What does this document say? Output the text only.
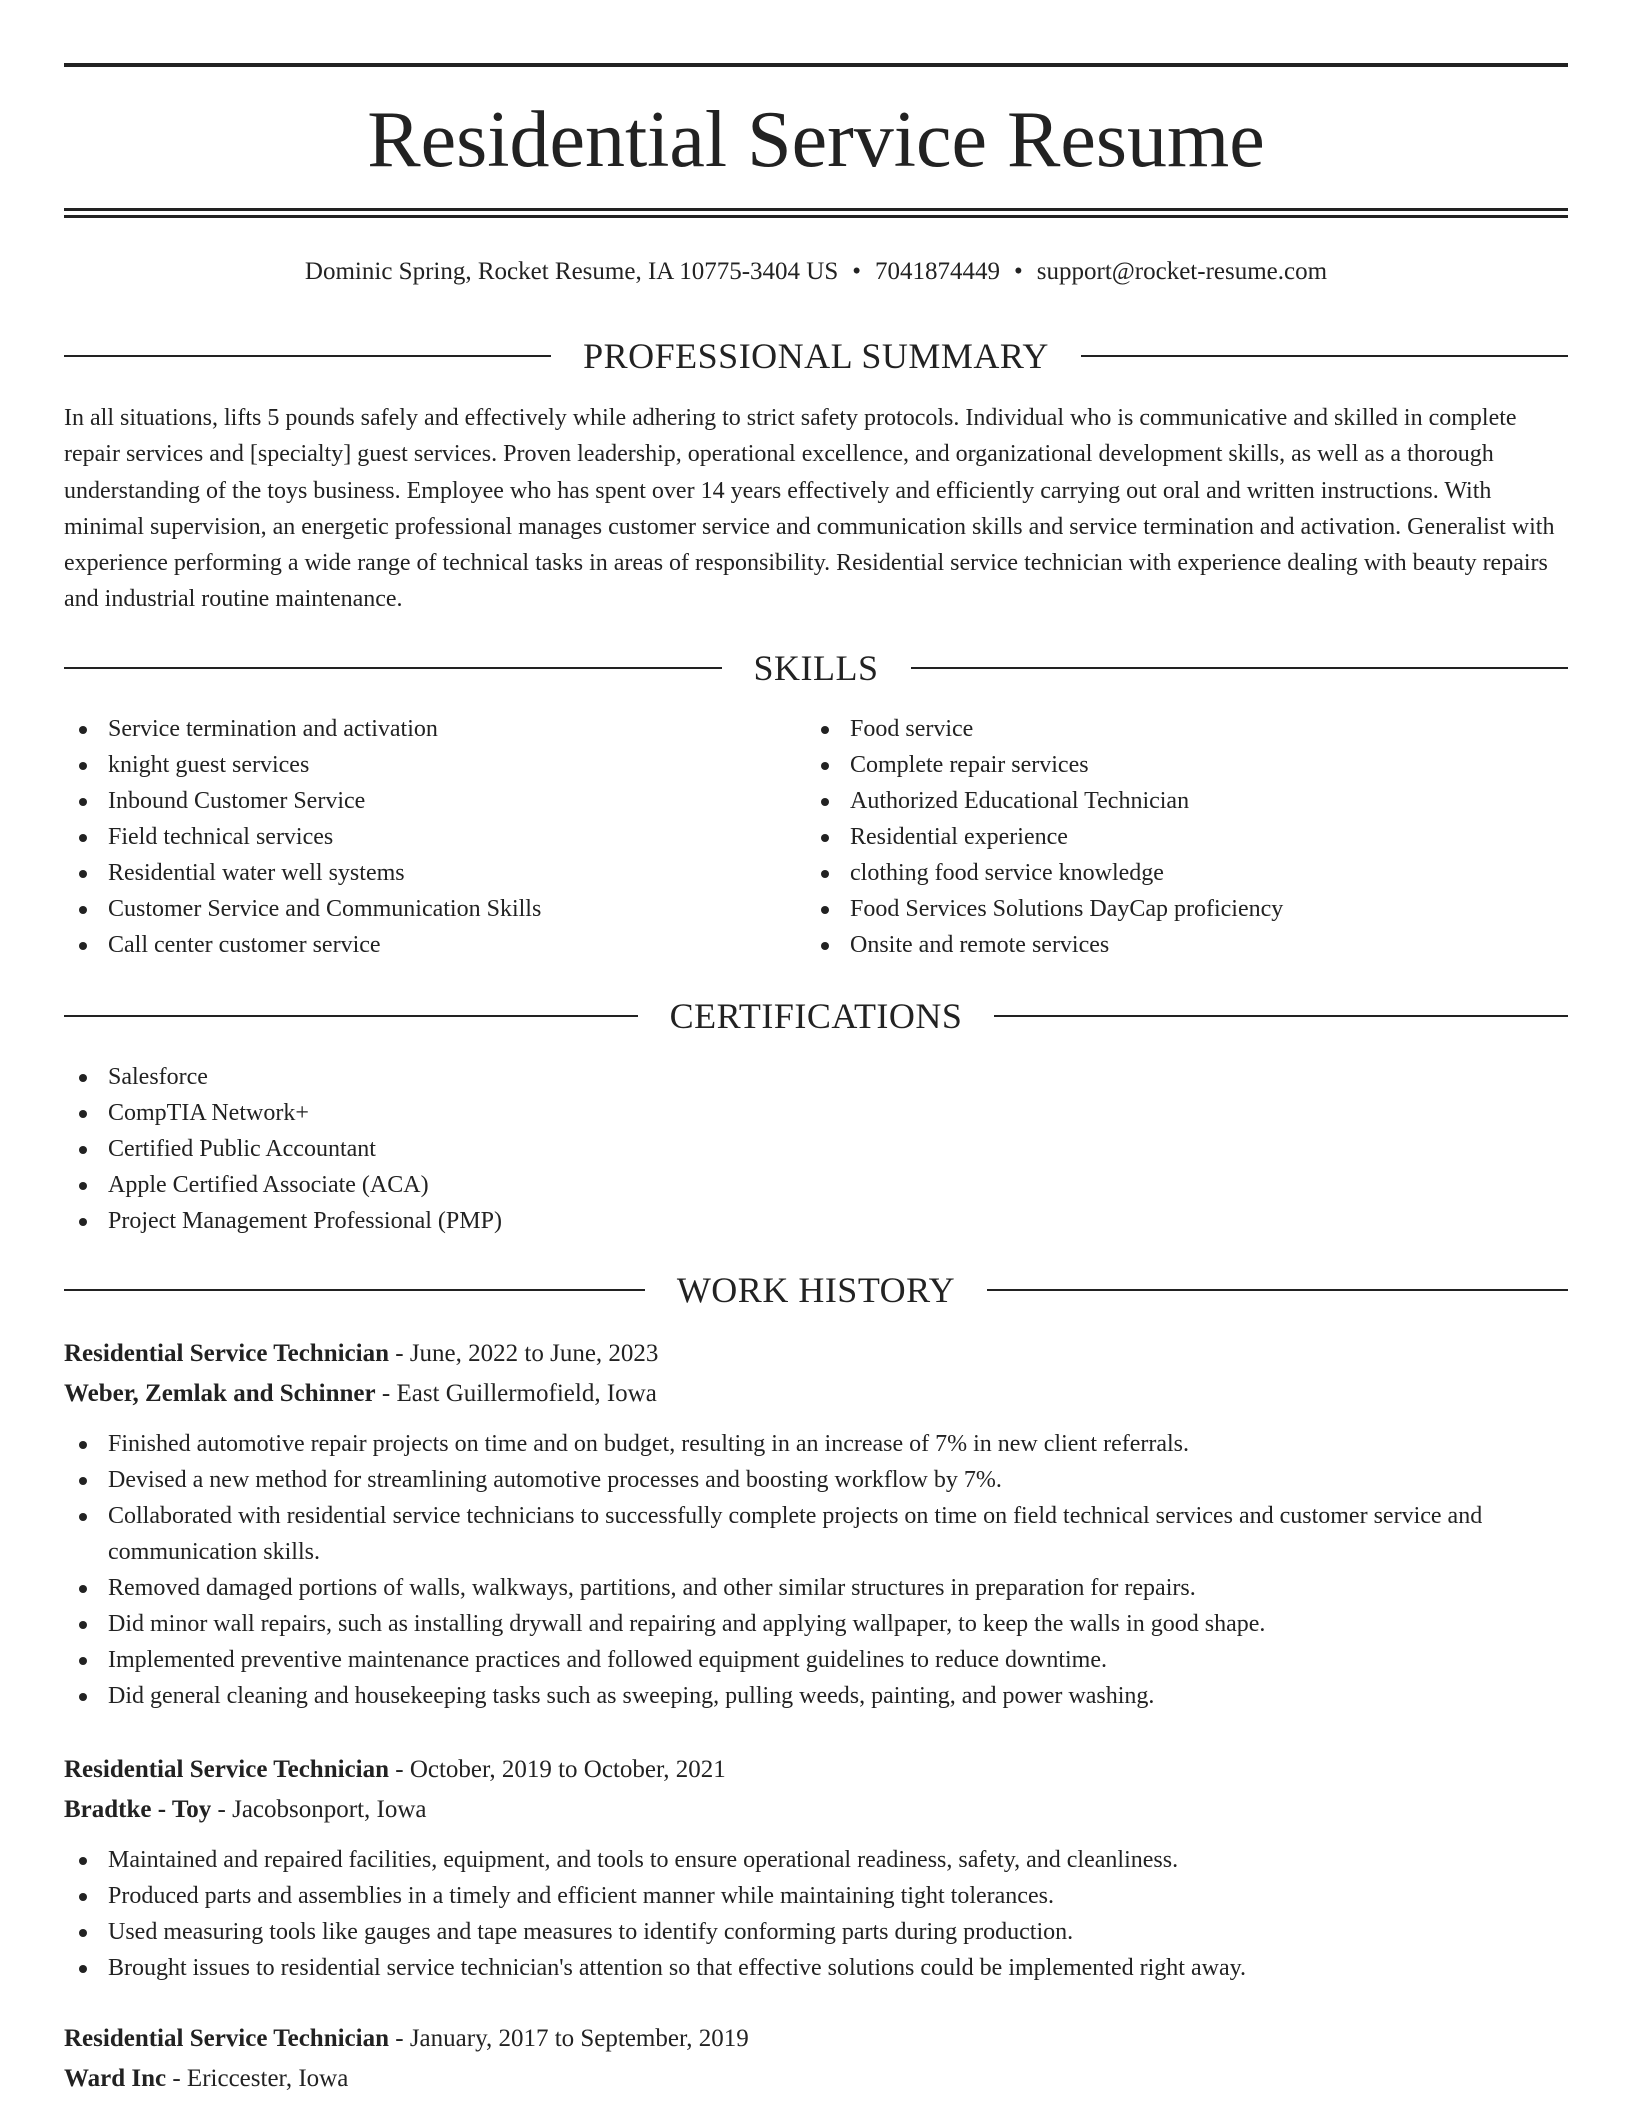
Residential Service Resume
Dominic Spring, Rocket Resume, IA 10775-3404 US • 7041874449 • support@rocket-resume.com
PROFESSIONAL SUMMARY

In all situations, lifts 5 pounds safely and effectively while adhering to strict safety protocols. Individual who is communicative and skilled in complete repair services and [specialty] guest services. Proven leadership, operational excellence, and organizational development skills, as well as a thorough understanding of the toys business. Employee who has spent over 14 years effectively and efficiently carrying out oral and written instructions. With minimal supervision, an energetic professional manages customer service and communication skills and service termination and activation. Generalist with experience performing a wide range of technical tasks in areas of responsibility. Residential service technician with experience dealing with beauty repairs and industrial routine maintenance.

SKILLS
Service termination and activation
knight guest services
Inbound Customer Service
Field technical services
Residential water well systems
Customer Service and Communication Skills
Call center customer service
Food service
Complete repair services
Authorized Educational Technician
Residential experience
clothing food service knowledge
Food Services Solutions DayCap proficiency
Onsite and remote services
CERTIFICATIONS
Salesforce
CompTIA Network+
Certified Public Accountant
Apple Certified Associate (ACA)
Project Management Professional (PMP)
WORK HISTORY
Residential Service Technician - June, 2022 to June, 2023
Weber, Zemlak and Schinner - East Guillermofield, Iowa
Finished automotive repair projects on time and on budget, resulting in an increase of 7% in new client referrals.
Devised a new method for streamlining automotive processes and boosting workflow by 7%.
Collaborated with residential service technicians to successfully complete projects on time on field technical services and customer service and communication skills.
Removed damaged portions of walls, walkways, partitions, and other similar structures in preparation for repairs.
Did minor wall repairs, such as installing drywall and repairing and applying wallpaper, to keep the walls in good shape.
Implemented preventive maintenance practices and followed equipment guidelines to reduce downtime.
Did general cleaning and housekeeping tasks such as sweeping, pulling weeds, painting, and power washing.
Residential Service Technician - October, 2019 to October, 2021
Bradtke - Toy - Jacobsonport, Iowa
Maintained and repaired facilities, equipment, and tools to ensure operational readiness, safety, and cleanliness.
Produced parts and assemblies in a timely and efficient manner while maintaining tight tolerances.
Used measuring tools like gauges and tape measures to identify conforming parts during production.
Brought issues to residential service technician's attention so that effective solutions could be implemented right away.
Residential Service Technician - January, 2017 to September, 2019
Ward Inc - Ericcester, Iowa
